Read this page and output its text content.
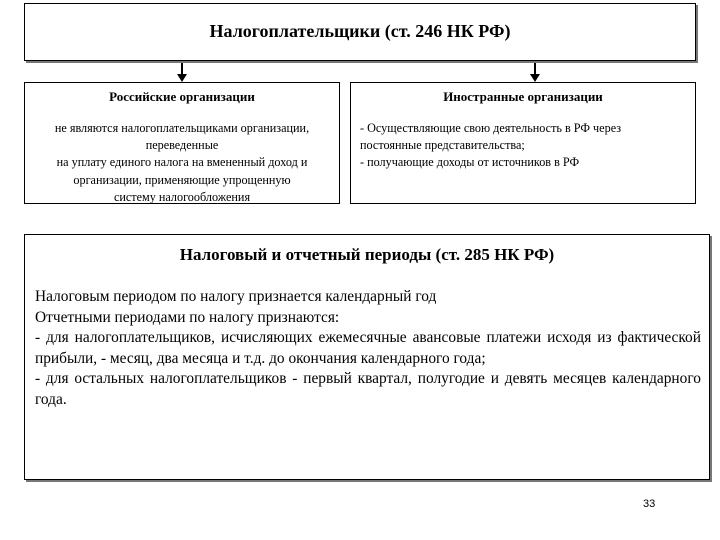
Налогоплательщики (ст. 246 НК РФ)
Российские организации
не являются налогоплательщиками организации,
переведенные
на уплату единого налога на вмененный доход и
организации, применяющие упрощенную
систему налогообложения
Иностранные организации
- Осуществляющие свою деятельность в РФ через
постоянные представительства;
- получающие доходы от источников в РФ
Налоговый и отчетный периоды (ст. 285 НК РФ)
Налоговым периодом по налогу признается календарный год
Отчетными периодами по налогу признаются:
- для налогоплательщиков, исчисляющих ежемесячные авансовые платежи исходя из фактической прибыли, - месяц, два месяца и т.д. до окончания календарного года;
- для остальных налогоплательщиков - первый квартал, полугодие и девять месяцев календарного года.
33
